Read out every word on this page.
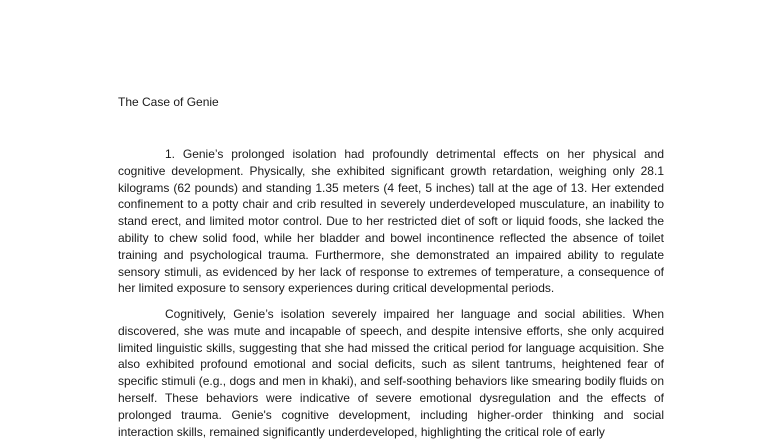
The Case of Genie

1. Genie’s prolonged isolation had profoundly detrimental effects on her physical and cognitive development. Physically, she exhibited significant growth retardation, weighing only 28.1 kilograms (62 pounds) and standing 1.35 meters (4 feet, 5 inches) tall at the age of 13. Her extended confinement to a potty chair and crib resulted in severely underdeveloped musculature, an inability to stand erect, and limited motor control. Due to her restricted diet of soft or liquid foods, she lacked the ability to chew solid food, while her bladder and bowel incontinence reflected the absence of toilet training and psychological trauma. Furthermore, she demonstrated an impaired ability to regulate sensory stimuli, as evidenced by her lack of response to extremes of temperature, a consequence of her limited exposure to sensory experiences during critical developmental periods.

Cognitively, Genie’s isolation severely impaired her language and social abilities. When discovered, she was mute and incapable of speech, and despite intensive efforts, she only acquired limited linguistic skills, suggesting that she had missed the critical period for language acquisition. She also exhibited profound emotional and social deficits, such as silent tantrums, heightened fear of specific stimuli (e.g., dogs and men in khaki), and self-soothing behaviors like smearing bodily fluids on herself. These behaviors were indicative of severe emotional dysregulation and the effects of prolonged trauma. Genie's cognitive development, including higher-order thinking and social interaction skills, remained significantly underdeveloped, highlighting the critical role of early
